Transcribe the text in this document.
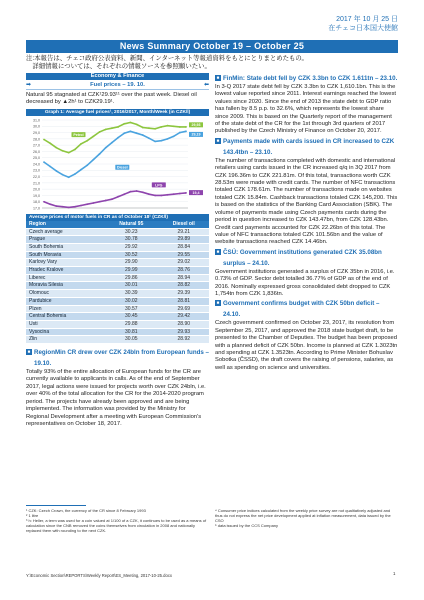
2017 年 10 月 25 日
在チェコ日本国大使館
News Summary October 19 – October 25
注:本報告は、チェコ政府公表資料、新聞、インターネット等報道資料をもとにとりまとめたもの。
　詳細情報については、それぞれの情報ソースを参照願いたい。
Economy & Finance
➡	Fuel prices – 19. 10.	⬅
Natural 95 stagnated at CZK¹29.93¹¹ over the past week. Diesel oil decreased by ▲2h¹ to CZK29.19¹.
Graph 1: Average fuel prices¹, 2016/2017, Month/Week (in CZK/l)
31,0
30,0
29,0
28,0
27,0
26,0
25,0
24,0
23,0
22,0
21,0
20,0
19,0
18,0
17,0
Petrol
29,93
Diesel
29,19
LPG
19,4
Average prices of motor fuels in CR as of October 18¹ (CZK/l)
Region	Natural 95	Diesel oil
Czech average	30.23	29.21
Prague	30.78	29.89
South Bohemia	29.92	28.84
South Moravia	30.52	29.55
Karlovy Vary	29.90	29.02
Hradec Kralove	29.99	28.76
Liberec	29.86	28.94
Moravia Silesia	30.01	28.82
Olomouc	30.39	29.39
Pardubice	30.02	28.81
Plzen	30.57	29.69
Central Bohemia	30.45	29.42
Usti	29.88	28.90
Vysocina	30.81	29.93
Zlin	30.05	28.92
■ RegionMin CR drew over CZK 24bln from European funds – 19.10.
Totally 93% of the entire allocation of European funds for the CR are currently available to applicants in calls. As of the end of September 2017, legal actions were issued for projects worth over CZK 24bln, i.e. over 40% of the total allocation for the CR for the 2014-2020 program period. The projects have already been approved and are being implemented. The information was provided by the Ministry for Regional Development after a meeting with European Commission's representatives on October 18, 2017.
■ FinMin: State debt fell by CZK 3.3bn to CZK 1.611tn – 23.10.
In 3-Q 2017 state debt fell by CZK 3.3bn to CZK 1,610.1bn. This is the lowest value reported since 2011. Interest earnings reached the lowest values since 2020. Since the end of 2013 the state debt to GDP ratio has fallen by 8.5 p.p. to 32.6%, which represents the lowest share since 2009. This is based on the Quarterly report of the management of the state debt of the CR for the 1st through 3rd quarters of 2017 published by the Czech Ministry of Finance on October 20, 2017.
■ Payments made with cards issued in CR increased to CZK 143.4tbn – 23.10.
The number of transactions completed with domestic and international retailers using cards issued in the CR increased q/q in 3Q 2017 from CZK 196.36m to CZK 221.81m. Of this total, transactions worth CZK 28.53m were made with credit cards. The number of NFC transactions totaled CZK 178.61m. The number of transactions made on websites totaled CZK 15.84m. Cashback transactions totaled CZK 145,200. This is based on the statistics of the Banking Card Association (SBK). The volume of payments made using Czech payments cards during the period in question increased to CZK 143.47bn, from CZK 128.43bn. Credit card payments accounted for CZK 22.26bn of this total. The value of NFC transactions totaled CZK 101.56bn and the value of website transactions reached CZK 14.46bn.
■ ČSÚ: Government institutions generated CZK 35.08bn surplus – 24.10.
Government institutions generated a surplus of CZK 35bn in 2016, i.e. 0.73% of GDP. Sector debt totalled 36.77% of GDP as of the end of 2016. Nominally expressed gross consolidated debt dropped to CZK 1,754tn from CZK 1,836tn.
■ Government confirms budget with CZK 50bn deficit – 24.10.
Czech government confirmed on October 23, 2017, its resolution from September 25, 2017, and approved the 2018 state budget draft, to be presented to the Chamber of Deputies. The budget has been proposed with a planned deficit of CZK 50bn. Income is planned at CZK 1.3023tn and spending at CZK 1.3523tn. According to Prime Minister Bohuslav Sobotka (ČSSD), the draft covers the raising of pensions, salaries, as well as spending on science and universities.
¹ CZK: Czech Crown, the currency of the CR since 8 February 1993
² 1 litre
³ h: Heller, a term was used for a coin valued at 1/100 of a CZK, it continues to be used as a means of calculation since the CNB removed the coins themselves from circulation in 2008 and nationally replaced them with rounding to the next CZK.
⁴ Consumer price indices calculated from the weekly price survey are not qualitatively adjusted and thus do not express the net price development applied at inflation measurement, data issued by the CSO
⁵ data issued by the CCS Company
Y:\Economic Section\REPORTS\Weekly Report\ES_Meeting, 2017-10-25.docx	1
